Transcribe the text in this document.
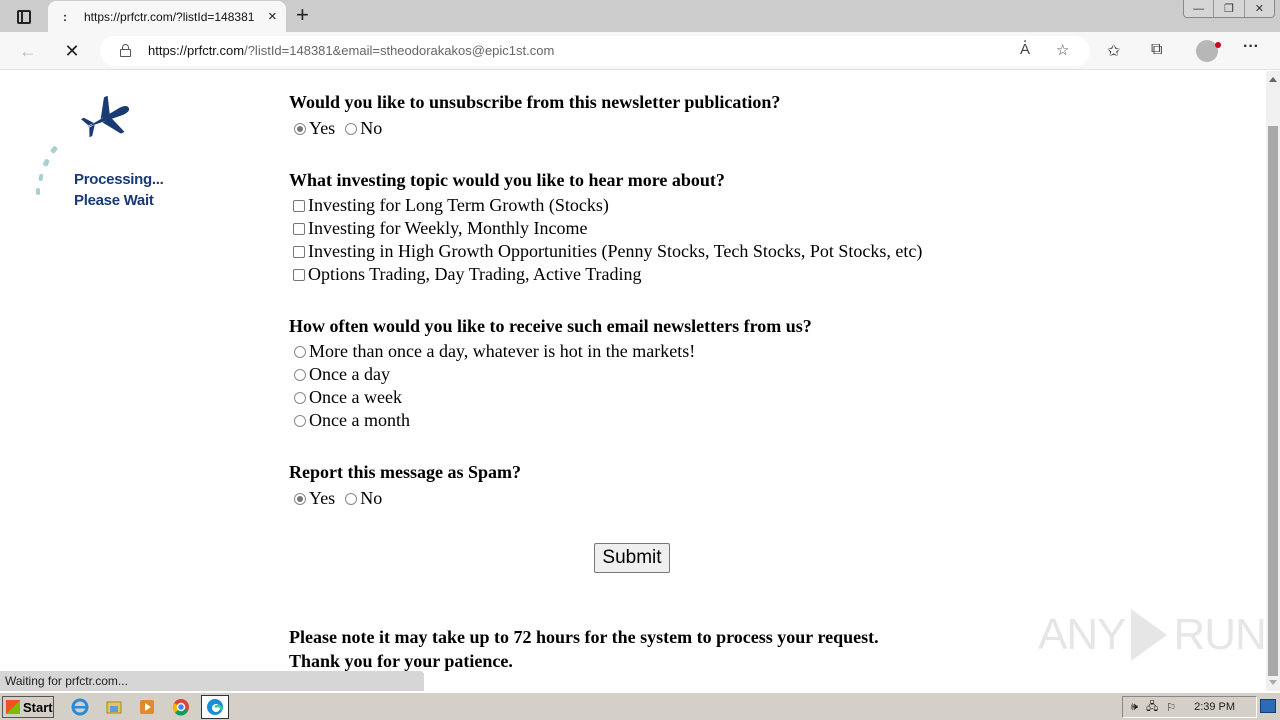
:	https://prfctr.com/?listId=148381 × +	—	❐	✕
← ✕	https://prfctr.com/?listId=148381&email=stheodorakakos@epic1st.com	A᷾ ☆ ✩ ⧉	···
Processing...
Please Wait
Would you like to unsubscribe from this newsletter publication?
Yes No
What investing topic would you like to hear more about?
Investing for Long Term Growth (Stocks)
Investing for Weekly, Monthly Income
Investing in High Growth Opportunities (Penny Stocks, Tech Stocks, Pot Stocks, etc)
Options Trading, Day Trading, Active Trading
How often would you like to receive such email newsletters from us?
More than once a day, whatever is hot in the markets!
Once a day
Once a week
Once a month
Report this message as Spam?
Yes No
Submit
Please note it may take up to 72 hours for the system to process your request.
Thank you for your patience.
ANY RUN
Waiting for prfctr.com...
Start	🕪 🖧 ⚐ 2:39 PM
